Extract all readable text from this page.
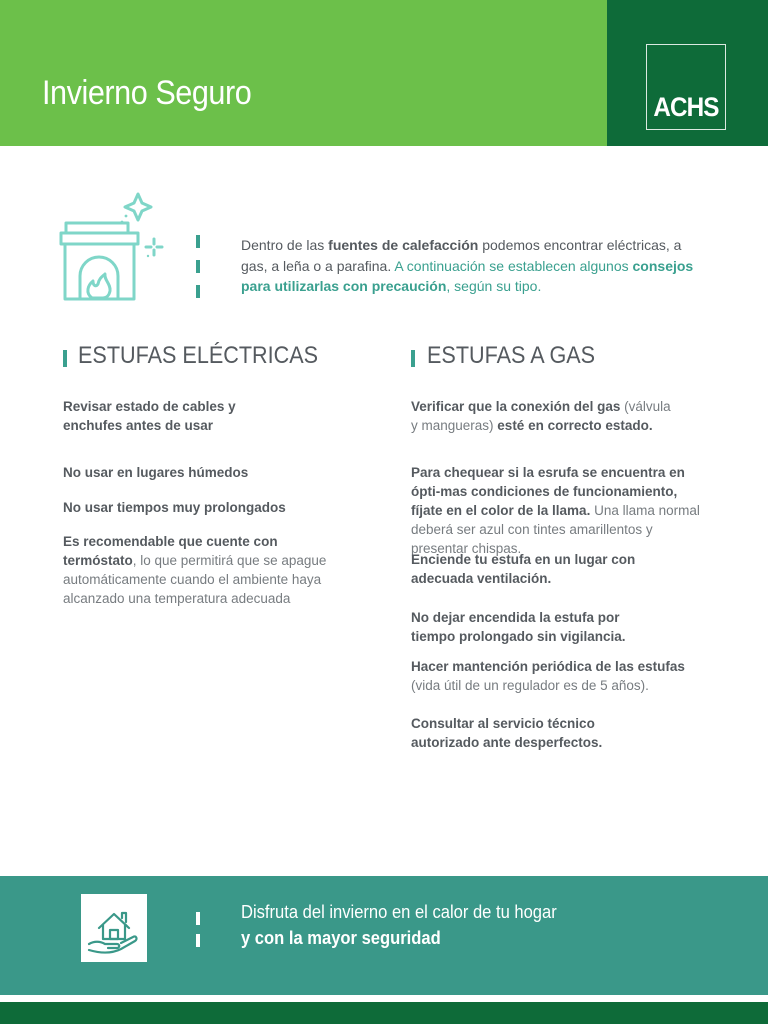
Invierno Seguro	ACHS
Dentro de las fuentes de calefacción podemos encontrar eléctricas, a gas, a leña o a parafina. A continuación se establecen algunos consejos para utilizarlas con precaución, según su tipo.
ESTUFAS ELÉCTRICAS
Revisar estado de cables y enchufes antes de usar
No usar en lugares húmedos
No usar tiempos muy prolongados
Es recomendable que cuente con termóstato, lo que permitirá que se apague automáticamente cuando el ambiente haya alcanzado una temperatura adecuada
ESTUFAS A GAS
Verificar que la conexión del gas (válvula y mangueras) esté en correcto estado.
Para chequear si la esrufa se encuentra en ópti-mas condiciones de funcionamiento, fíjate en el color de la llama. Una llama normal deberá ser azul con tintes amarillentos y presentar chispas.
Enciende tu estufa en un lugar con adecuada ventilación.
No dejar encendida la estufa por tiempo prolongado sin vigilancia.
Hacer mantención periódica de las estufas (vida útil de un regulador es de 5 años).
Consultar al servicio técnico autorizado ante desperfectos.
Disfruta del invierno en el calor de tu hogar
y con la mayor seguridad
